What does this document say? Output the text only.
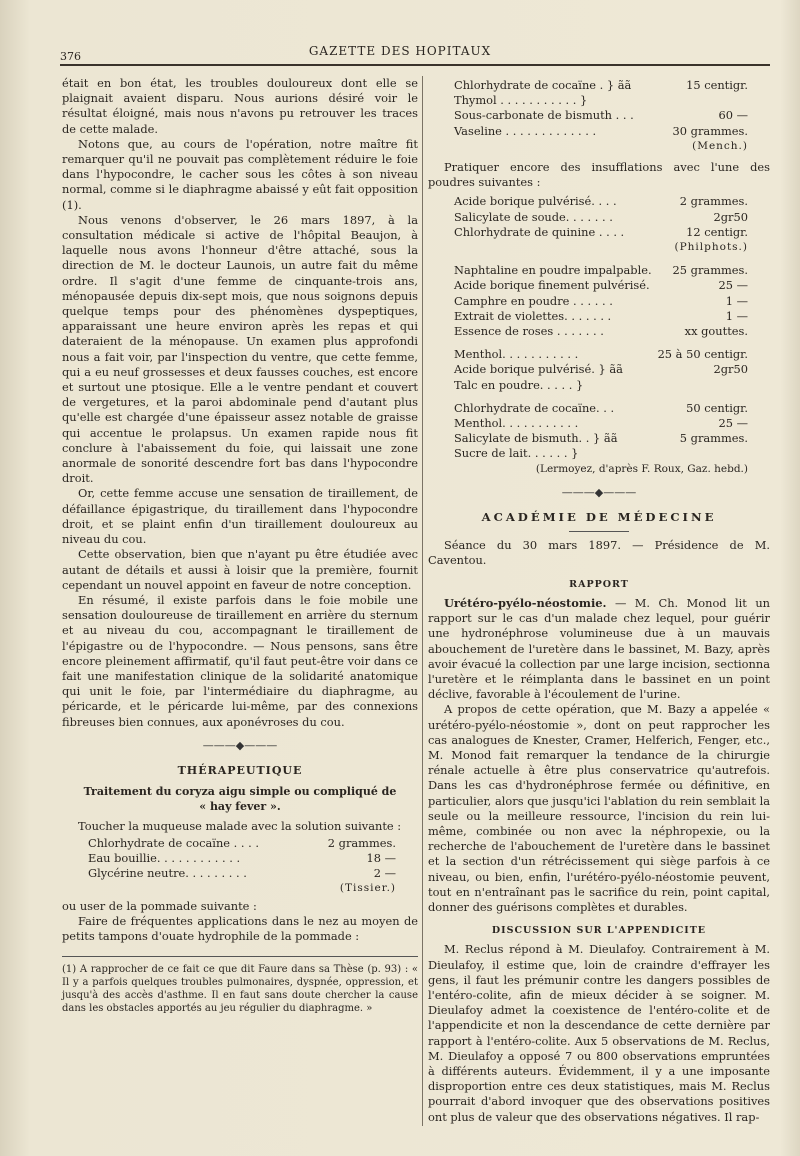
376	GAZETTE DES HOPITAUX

était en bon état, les troubles douloureux dont elle se plaignait avaient disparu. Nous aurions désiré voir le résultat éloigné, mais nous n'avons pu retrouver les traces de cette malade.

Notons que, au cours de l'opération, notre maître fit remarquer qu'il ne pouvait pas complètement réduire le foie dans l'hypocondre, le cacher sous les côtes à son niveau normal, comme si le diaphragme abaissé y eût fait opposition (1).

Nous venons d'observer, le 26 mars 1897, à la consultation médicale si active de l'hôpital Beaujon, à laquelle nous avons l'honneur d'être attaché, sous la direction de M. le docteur Launois, un autre fait du même ordre. Il s'agit d'une femme de cinquante-trois ans, ménopausée depuis dix-sept mois, que nous soignons depuis quelque temps pour des phénomènes dyspeptiques, apparaissant une heure environ après les repas et qui dateraient de la ménopause. Un examen plus approfondi nous a fait voir, par l'inspection du ventre, que cette femme, qui a eu neuf grossesses et deux fausses couches, est encore et surtout une ptosique. Elle a le ventre pendant et couvert de vergetures, et la paroi abdominale pend d'autant plus qu'elle est chargée d'une épaisseur assez notable de graisse qui accentue le prolapsus. Un examen rapide nous fit conclure à l'abaissement du foie, qui laissait une zone anormale de sonorité descendre fort bas dans l'hypocondre droit.

Or, cette femme accuse une sensation de tiraillement, de défaillance épigastrique, du tiraillement dans l'hypocondre droit, et se plaint enfin d'un tiraillement douloureux au niveau du cou.

Cette observation, bien que n'ayant pu être étudiée avec autant de détails et aussi à loisir que la première, fournit cependant un nouvel appoint en faveur de notre conception.

En résumé, il existe parfois dans le foie mobile une sensation douloureuse de tiraillement en arrière du sternum et au niveau du cou, accompagnant le tiraillement de l'épigastre ou de l'hypocondre. — Nous pensons, sans être encore pleinement affirmatif, qu'il faut peut-être voir dans ce fait une manifestation clinique de la solidarité anatomique qui unit le foie, par l'intermédiaire du diaphragme, au péricarde, et le péricarde lui-même, par des connexions fibreuses bien connues, aux aponévroses du cou.

———◆———
THÉRAPEUTIQUE
Traitement du coryza aigu simple ou compliqué de
« hay fever ».

Toucher la muqueuse malade avec la solution suivante :

Chlorhydrate de cocaïne . . . .	2 grammes.
Eau bouillie. . . . . . . . . . . .	18 —
Glycérine neutre. . . . . . . . .	2 —
(Tissier.)

ou user de la pommade suivante :

Faire de fréquentes applications dans le nez au moyen de petits tampons d'ouate hydrophile de la pommade :

(1) A rapprocher de ce fait ce que dit Faure dans sa Thèse (p. 93) : « Il y a parfois quelques troubles pulmonaires, dyspnée, oppression, et jusqu'à des accès d'asthme. Il en faut sans doute chercher la cause dans les obstacles apportés au jeu régulier du diaphragme. »
Chlorhydrate de cocaïne . } ãã	15 centigr.
Thymol . . . . . . . . . . . }
Sous-carbonate de bismuth . . .	60 —
Vaseline . . . . . . . . . . . . .	30 grammes.
(Mench.)

Pratiquer encore des insufflations avec l'une des poudres suivantes :

Acide borique pulvérisé. . . .	2 grammes.
Salicylate de soude. . . . . . .	2gr50
Chlorhydrate de quinine . . . .	12 centigr.
(Philphots.)
Naphtaline en poudre impalpable. 25 grammes.
Acide borique finement pulvérisé.	25 —
Camphre en poudre . . . . . .	1 —
Extrait de violettes. . . . . . .	1 —
Essence de roses . . . . . . .	xx gouttes.
Menthol. . . . . . . . . . .	25 à 50 centigr.
Acide borique pulvérisé. } ãã	2gr50
Talc en poudre. . . . . }
Chlorhydrate de cocaïne. . .	50 centigr.
Menthol. . . . . . . . . . .	25 —
Salicylate de bismuth. . } ãã	5 grammes.
Sucre de lait. . . . . . }
(Lermoyez, d'après F. Roux, Gaz. hebd.)
———◆———
ACADÉMIE DE MÉDECINE

Séance du 30 mars 1897. — Présidence de M. Caventou.

RAPPORT

Urétéro-pyélo-néostomie. — M. Ch. Monod lit un rapport sur le cas d'un malade chez lequel, pour guérir une hydronéphrose volumineuse due à un mauvais abouchement de l'uretère dans le bassinet, M. Bazy, après avoir évacué la collection par une large incision, sectionna l'uretère et le réimplanta dans le bassinet en un point déclive, favorable à l'écoulement de l'urine.

A propos de cette opération, que M. Bazy a appelée « urétéro-pyélo-néostomie », dont on peut rapprocher les cas analogues de Knester, Cramer, Helferich, Fenger, etc., M. Monod fait remarquer la tendance de la chirurgie rénale actuelle à être plus conservatrice qu'autrefois. Dans les cas d'hydronéphrose fermée ou définitive, en particulier, alors que jusqu'ici l'ablation du rein semblait la seule ou la meilleure ressource, l'incision du rein lui-même, combinée ou non avec la néphropexie, ou la recherche de l'abouchement de l'uretère dans le bassinet et la section d'un rétrécissement qui siège parfois à ce niveau, ou bien, enfin, l'urétéro-pyélo-néostomie peuvent, tout en n'entraînant pas le sacrifice du rein, point capital, donner des guérisons complètes et durables.

DISCUSSION SUR L'APPENDICITE

M. Reclus répond à M. Dieulafoy. Contrairement à M. Dieulafoy, il estime que, loin de craindre d'effrayer les gens, il faut les prémunir contre les dangers possibles de l'entéro-colite, afin de mieux décider à se soigner. M. Dieulafoy admet la coexistence de l'entéro-colite et de l'appendicite et non la descendance de cette dernière par rapport à l'entéro-colite. Aux 5 observations de M. Reclus, M. Dieulafoy a opposé 7 ou 800 observations empruntées à différents auteurs. Évidemment, il y a une imposante disproportion entre ces deux statistiques, mais M. Reclus pourrait d'abord invoquer que des observations positives ont plus de valeur que des observations négatives. Il rap-
